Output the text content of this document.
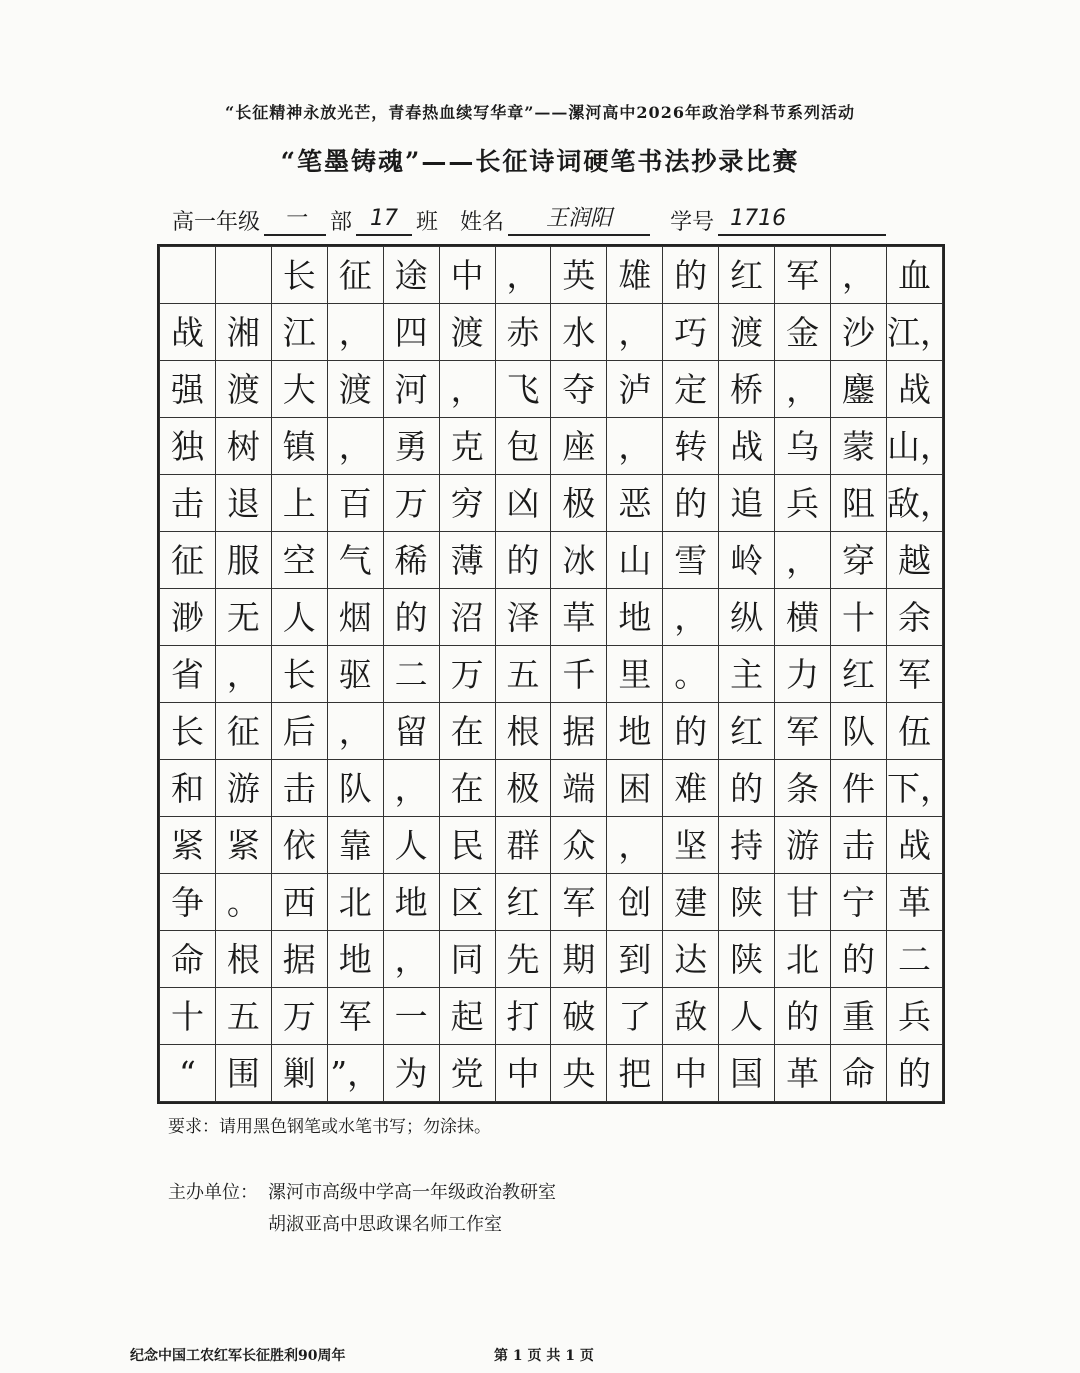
“长征精神永放光芒，青春热血续写华章”——漯河高中2026年政治学科节系列活动
“笔墨铸魂”——长征诗词硬笔书法抄录比赛
高一年级	一	部 17 班 姓名	王润阳	学号 1716
		长	征	途	中	，	英	雄	的	红	军	，	血
战	湘	江	，	四	渡	赤	水	，	巧	渡	金	沙	江，
强	渡	大	渡	河	，	飞	夺	泸	定	桥	，	鏖	战
独	树	镇	，	勇	克	包	座	，	转	战	乌	蒙	山，
击	退	上	百	万	穷	凶	极	恶	的	追	兵	阻	敌，
征	服	空	气	稀	薄	的	冰	山	雪	岭	，	穿	越
渺	无	人	烟	的	沼	泽	草	地	，	纵	横	十	余
省	，	长	驱	二	万	五	千	里	。	主	力	红	军
长	征	后	，	留	在	根	据	地	的	红	军	队	伍
和	游	击	队	，	在	极	端	困	难	的	条	件	下，
紧	紧	依	靠	人	民	群	众	，	坚	持	游	击	战
争	。	西	北	地	区	红	军	创	建	陕	甘	宁	革
命	根	据	地	，	同	先	期	到	达	陕	北	的	二
十	五	万	军	一	起	打	破	了	敌	人	的	重	兵
“	围	剿	”，	为	党	中	央	把	中	国	革	命	的
要求：请用黑色钢笔或水笔书写；勿涂抹。
主办单位： 漯河市高级中学高一年级政治教研室
胡淑亚高中思政课名师工作室
纪念中国工农红军长征胜利90周年	第 1 页 共 1 页
